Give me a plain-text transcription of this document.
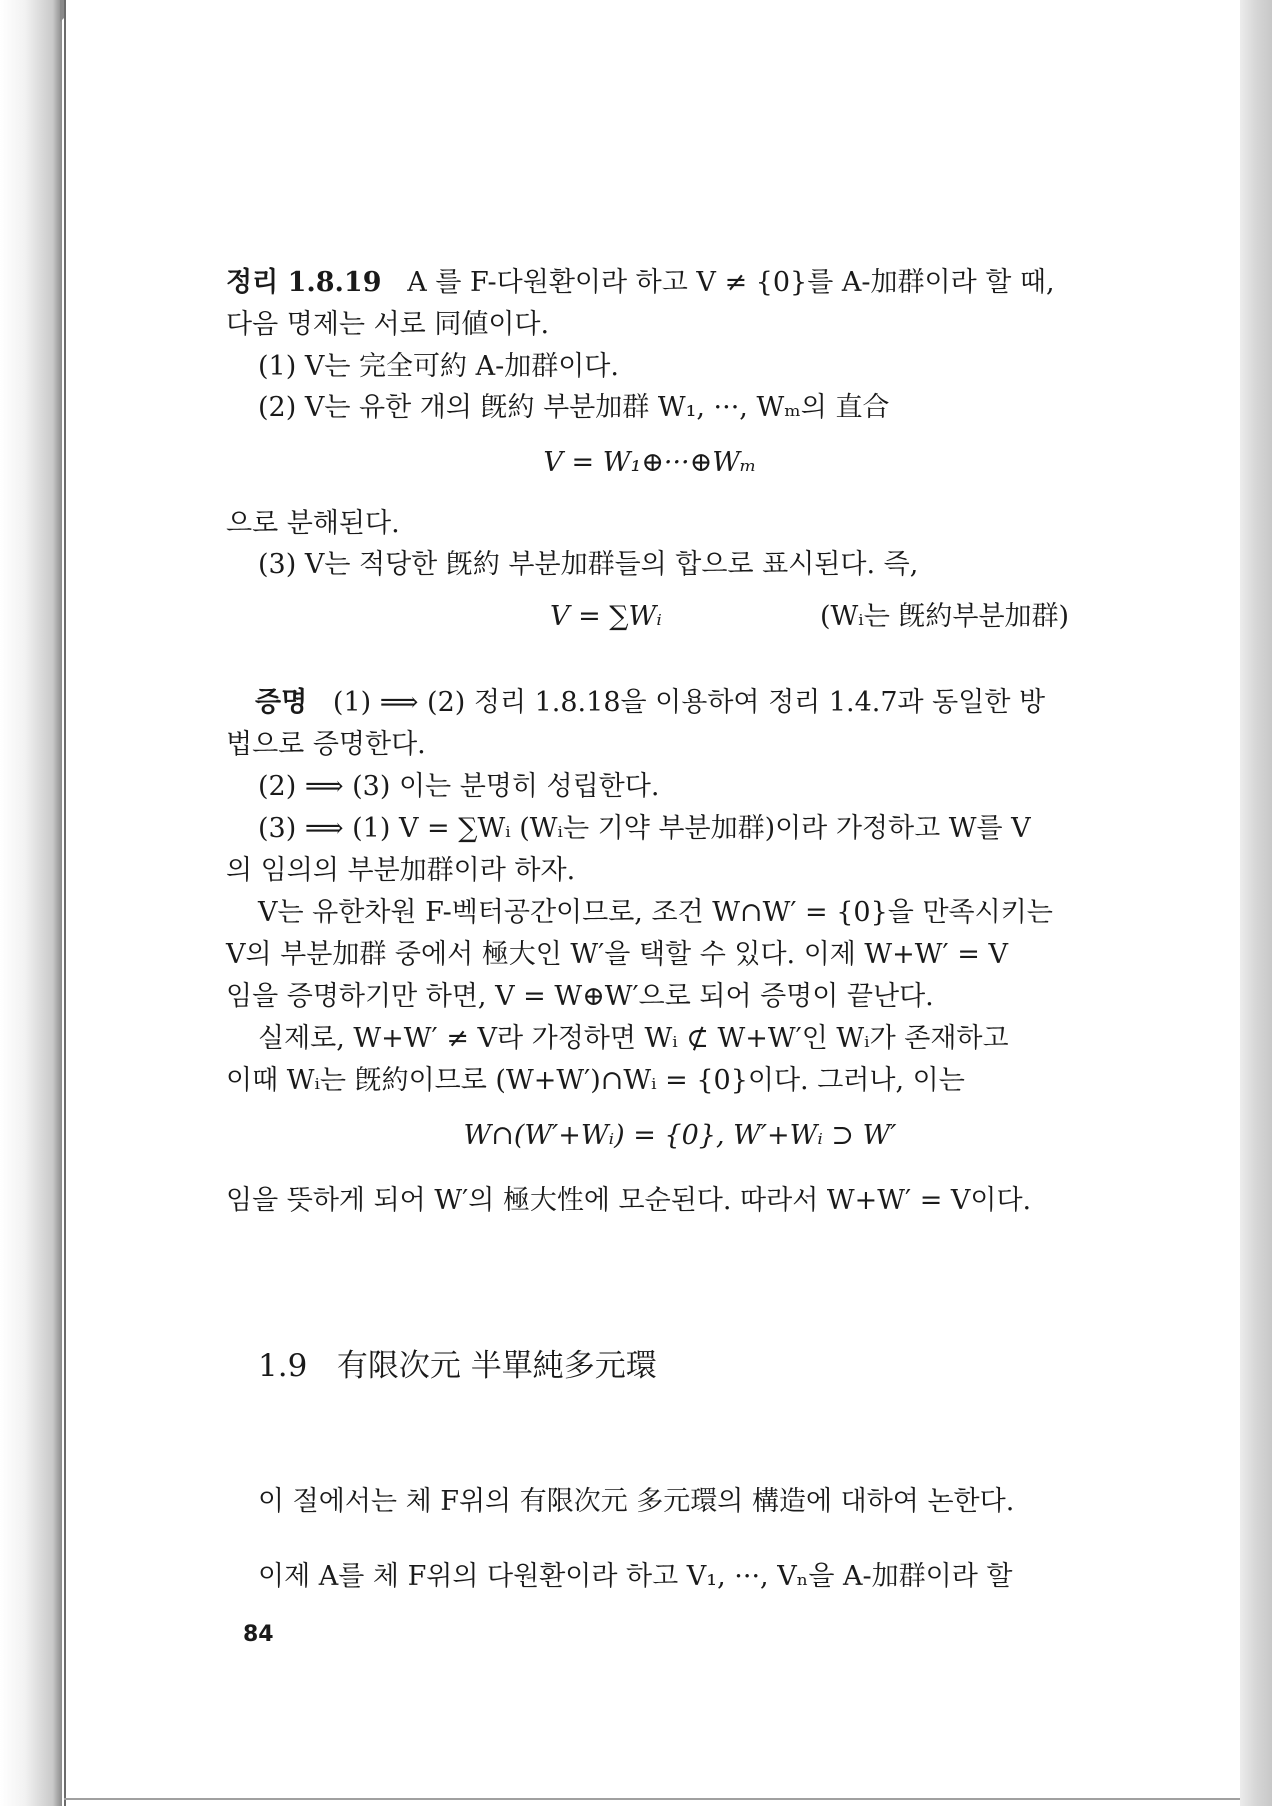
정리 1.8.19 A 를 F-다원환이라 하고 V ≠ {0}를 A-加群이라 할 때,
다음 명제는 서로 同値이다.
(1) V는 完全可約 A-加群이다.
(2) V는 유한 개의 旣約 부분加群 W₁, ···, Wₘ의 直合
V = W₁⊕···⊕Wₘ
으로 분해된다.
(3) V는 적당한 旣約 부분加群들의 합으로 표시된다. 즉,
V = ∑Wᵢ	(Wᵢ는 旣約부분加群)
증명 (1) ⟹ (2) 정리 1.8.18을 이용하여 정리 1.4.7과 동일한 방
법으로 증명한다.
(2) ⟹ (3) 이는 분명히 성립한다.
(3) ⟹ (1) V = ∑Wᵢ (Wᵢ는 기약 부분加群)이라 가정하고 W를 V
의 임의의 부분加群이라 하자.
V는 유한차원 F-벡터공간이므로, 조건 W∩W′ = {0}을 만족시키는
V의 부분加群 중에서 極大인 W′을 택할 수 있다. 이제 W+W′ = V
임을 증명하기만 하면, V = W⊕W′으로 되어 증명이 끝난다.
실제로, W+W′ ≠ V라 가정하면 Wᵢ ⊄ W+W′인 Wᵢ가 존재하고
이때 Wᵢ는 旣約이므로 (W+W′)∩Wᵢ = {0}이다. 그러나, 이는
W∩(W′+Wᵢ) = {0}, W′+Wᵢ ⊃ W′
임을 뜻하게 되어 W′의 極大性에 모순된다. 따라서 W+W′ = V이다.
1.9 有限次元 半單純多元環
이 절에서는 체 F위의 有限次元 多元環의 構造에 대하여 논한다.
이제 A를 체 F위의 다원환이라 하고 V₁, ···, Vₙ을 A-加群이라 할
84
